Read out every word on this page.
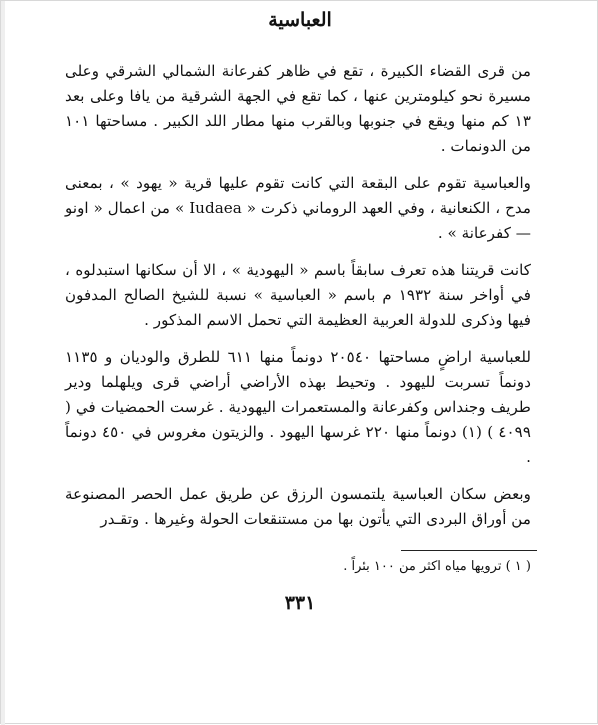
العباسية

من قرى القضاء الكبيرة ، تقع في ظاهر كفرعانة الشمالي الشرقي وعلى مسيرة نحو كيلومترين عنها ، كما تقع في الجهة الشرقية من يافا وعلى بعد ١٣ كم منها ويقع في جنوبها وبالقرب منها مطار اللد الكبير . مساحتها ١٠١ من الدونمات .

والعباسية تقوم على البقعة التي كانت تقوم عليها قرية « يهود » ، بمعنى مدح ، الكنعانية ، وفي العهد الروماني ذكرت « Iudaea » من اعمال « اونو — كفرعانة » .

كانت قريتنا هذه تعرف سابقاً باسم « اليهودية » ، الا أن سكانها استبدلوه ، في أواخر سنة ١٩٣٢ م باسم « العباسية » نسبة للشيخ الصالح المدفون فيها وذكرى للدولة العربية العظيمة التي تحمل الاسم المذكور .

للعباسية اراضٍ مساحتها ٢٠٥٤٠ دونماً منها ٦١١ للطرق والوديان و ١١٣٥ دونماً تسربت لليهود . وتحيط بهذه الأراضي أراضي قرى ويلهلما ودير طريف وجنداس وكفرعانة والمستعمرات اليهودية . غرست الحمضيات في ( ٤٠٩٩ ) (١) دونماً منها ٢٢٠ غرسها اليهود . والزيتون مغروس في ٤٥٠ دونماً .

وبعض سكان العباسية يلتمسون الرزق عن طريق عمل الحصر المصنوعة من أوراق البردى التي يأتون بها من مستنقعات الحولة وغيرها . وتقـدر

( ١ ) ترويها مياه اكثر من ١٠٠ بئراً .
٣٣١
